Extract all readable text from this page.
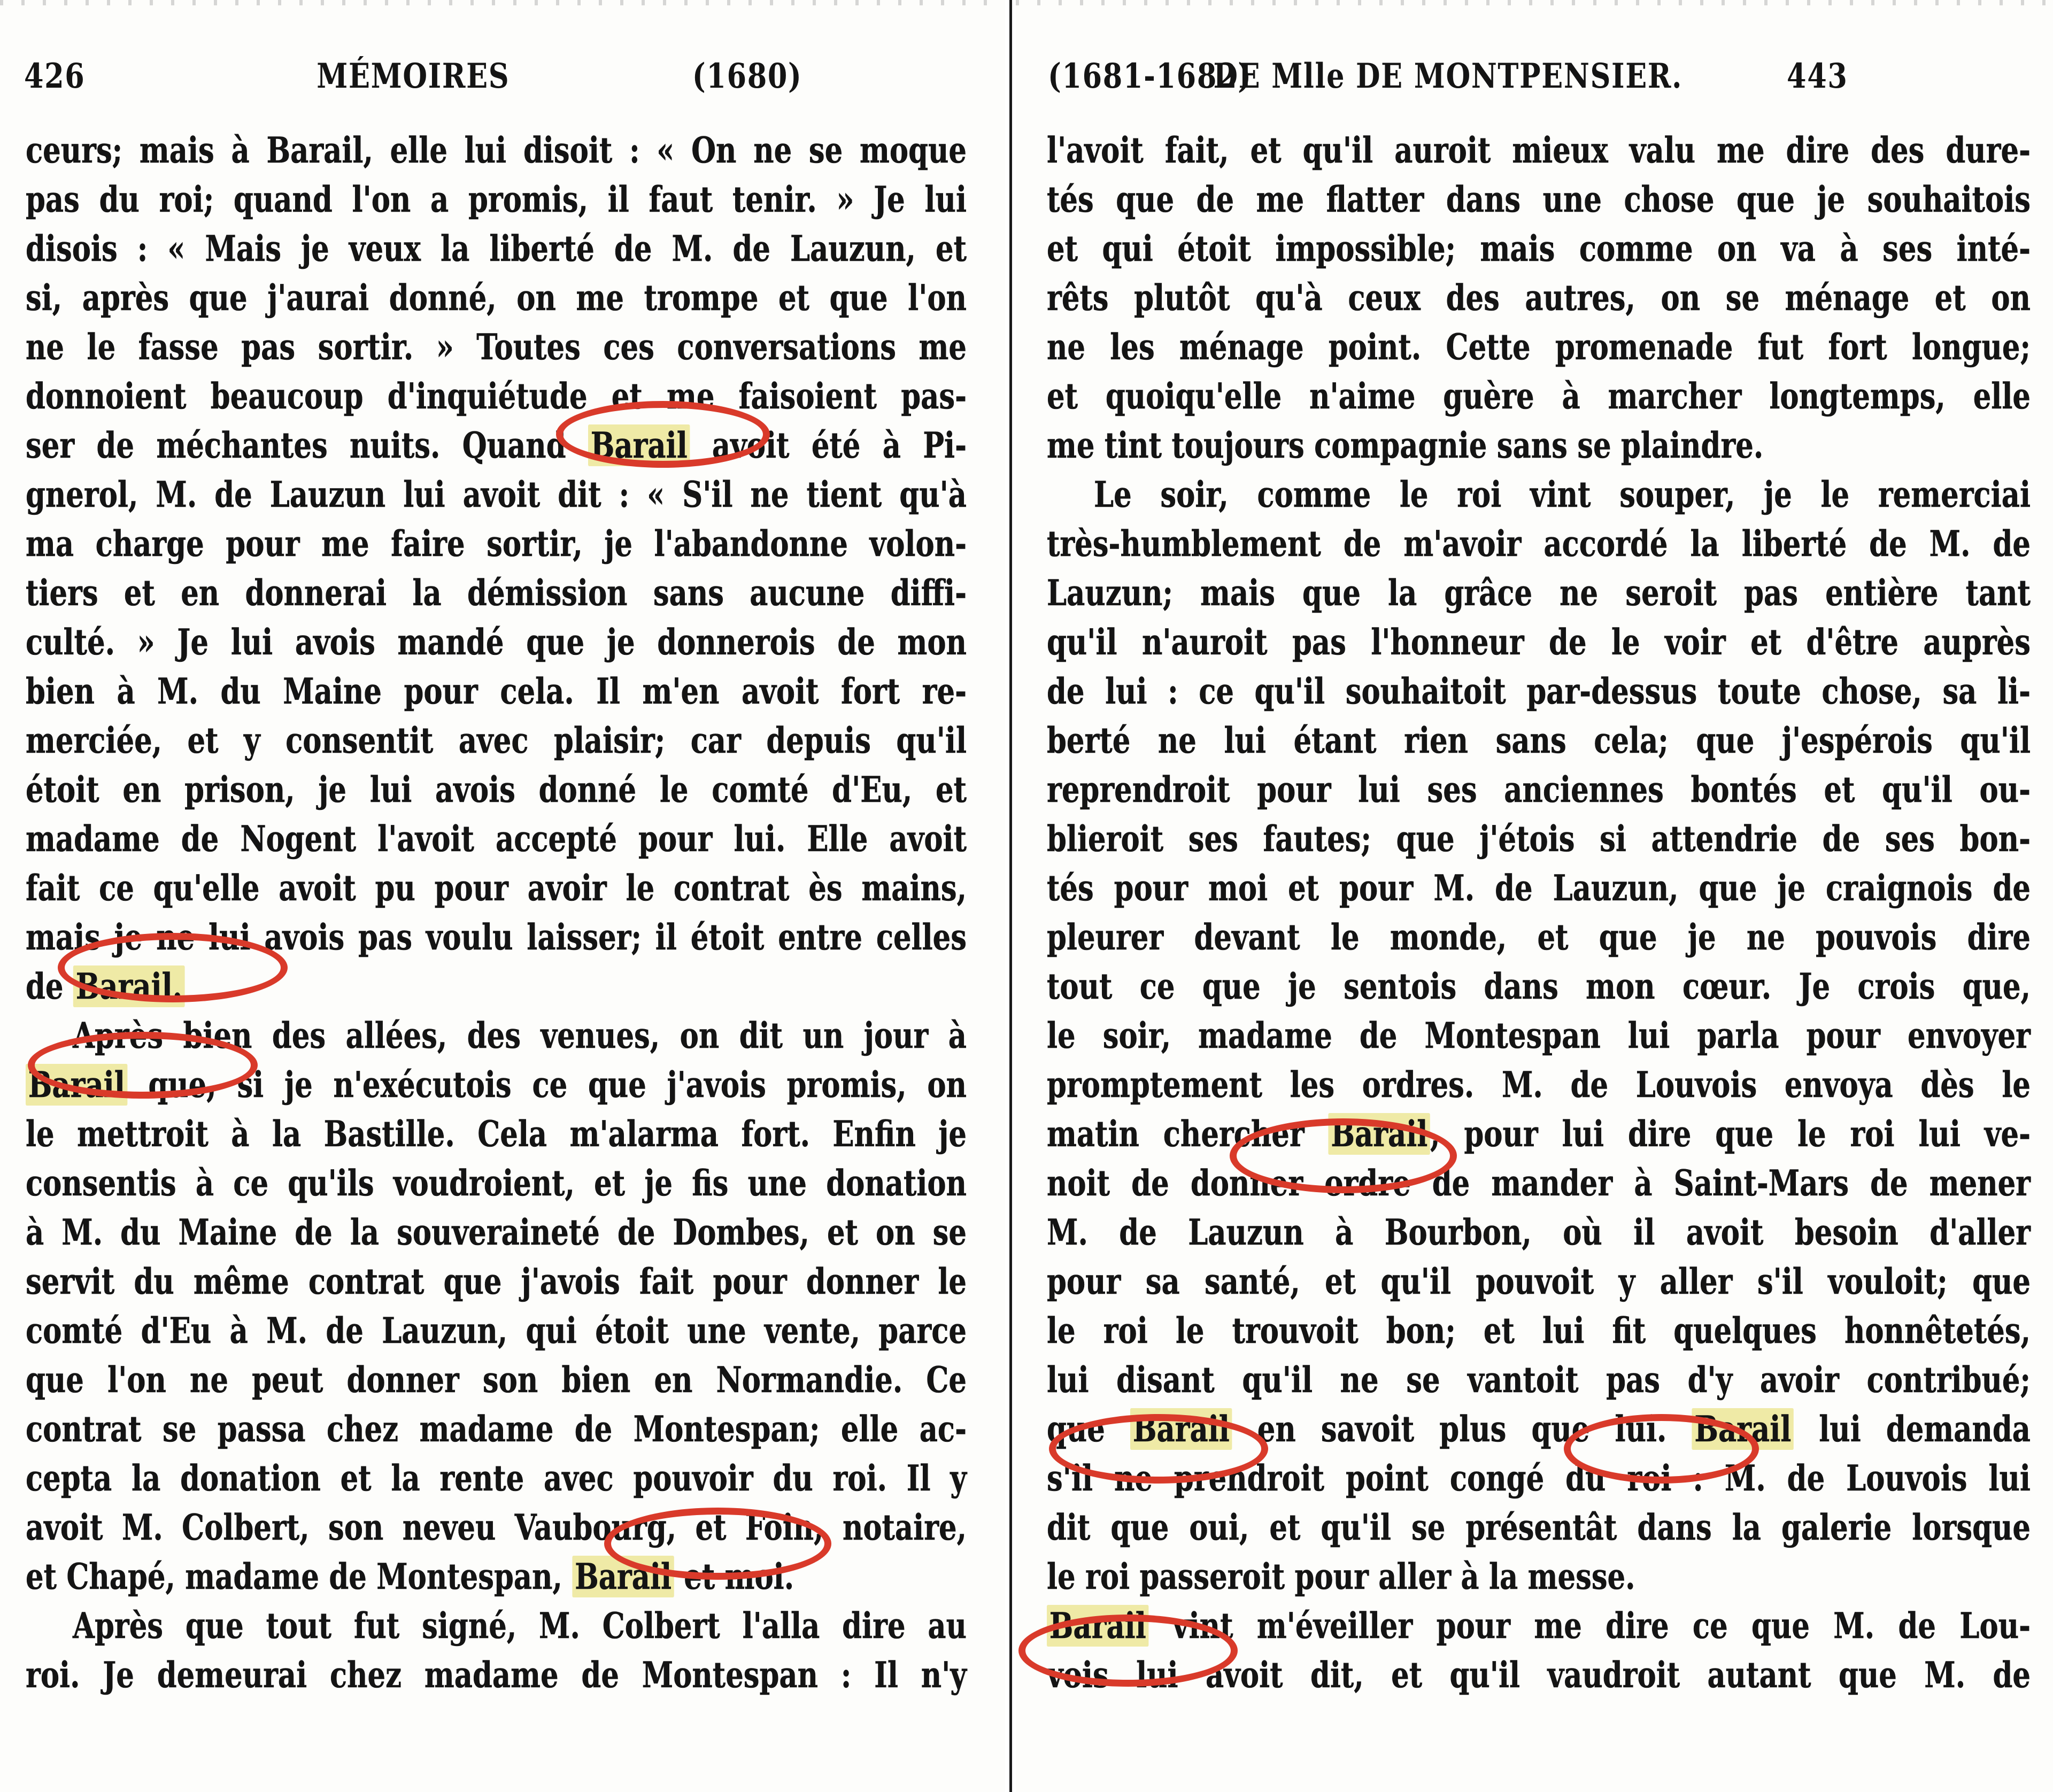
426	MÉMOIRES	(1680)
ceurs; mais à Barail, elle lui disoit : « On ne se moque
pas du roi; quand l'on a promis, il faut tenir. » Je lui
disois : « Mais je veux la liberté de M. de Lauzun, et
si, après que j'aurai donné, on me trompe et que l'on
ne le fasse pas sortir. » Toutes ces conversations me
donnoient beaucoup d'inquiétude et me faisoient pas-
ser de méchantes nuits. Quand Barail avoit été à Pi-
gnerol, M. de Lauzun lui avoit dit : « S'il ne tient qu'à
ma charge pour me faire sortir, je l'abandonne volon-
tiers et en donnerai la démission sans aucune diffi-
culté. » Je lui avois mandé que je donnerois de mon
bien à M. du Maine pour cela. Il m'en avoit fort re-
merciée, et y consentit avec plaisir; car depuis qu'il
étoit en prison, je lui avois donné le comté d'Eu, et
madame de Nogent l'avoit accepté pour lui. Elle avoit
fait ce qu'elle avoit pu pour avoir le contrat ès mains,
mais je ne lui avois pas voulu laisser; il étoit entre celles
de Barail.
Après bien des allées, des venues, on dit un jour à
Barail que, si je n'exécutois ce que j'avois promis, on
le mettroit à la Bastille. Cela m'alarma fort. Enfin je
consentis à ce qu'ils voudroient, et je fis une donation
à M. du Maine de la souveraineté de Dombes, et on se
servit du même contrat que j'avois fait pour donner le
comté d'Eu à M. de Lauzun, qui étoit une vente, parce
que l'on ne peut donner son bien en Normandie. Ce
contrat se passa chez madame de Montespan; elle ac-
cepta la donation et la rente avec pouvoir du roi. Il y
avoit M. Colbert, son neveu Vaubourg, et Foin, notaire,
et Chapé, madame de Montespan, Barail et moi.
Après que tout fut signé, M. Colbert l'alla dire au
roi. Je demeurai chez madame de Montespan : Il n'y
(1681-1682)
DE Mlle DE MONTPENSIER.	443
l'avoit fait, et qu'il auroit mieux valu me dire des dure-
tés que de me flatter dans une chose que je souhaitois
et qui étoit impossible; mais comme on va à ses inté-
rêts plutôt qu'à ceux des autres, on se ménage et on
ne les ménage point. Cette promenade fut fort longue;
et quoiqu'elle n'aime guère à marcher longtemps, elle
me tint toujours compagnie sans se plaindre.
Le soir, comme le roi vint souper, je le remerciai
très-humblement de m'avoir accordé la liberté de M. de
Lauzun; mais que la grâce ne seroit pas entière tant
qu'il n'auroit pas l'honneur de le voir et d'être auprès
de lui : ce qu'il souhaitoit par-dessus toute chose, sa li-
berté ne lui étant rien sans cela; que j'espérois qu'il
reprendroit pour lui ses anciennes bontés et qu'il ou-
blieroit ses fautes; que j'étois si attendrie de ses bon-
tés pour moi et pour M. de Lauzun, que je craignois de
pleurer devant le monde, et que je ne pouvois dire
tout ce que je sentois dans mon cœur. Je crois que,
le soir, madame de Montespan lui parla pour envoyer
promptement les ordres. M. de Louvois envoya dès le
matin chercher Barail, pour lui dire que le roi lui ve-
noit de donner ordre de mander à Saint-Mars de mener
M. de Lauzun à Bourbon, où il avoit besoin d'aller
pour sa santé, et qu'il pouvoit y aller s'il vouloit; que
le roi le trouvoit bon; et lui fit quelques honnêtetés,
lui disant qu'il ne se vantoit pas d'y avoir contribué;
que Barail en savoit plus que lui. Barail lui demanda
s'il ne prendroit point congé du roi : M. de Louvois lui
dit que oui, et qu'il se présentât dans la galerie lorsque
le roi passeroit pour aller à la messe.
Barail vint m'éveiller pour me dire ce que M. de Lou-
vois lui avoit dit, et qu'il vaudroit autant que M. de
